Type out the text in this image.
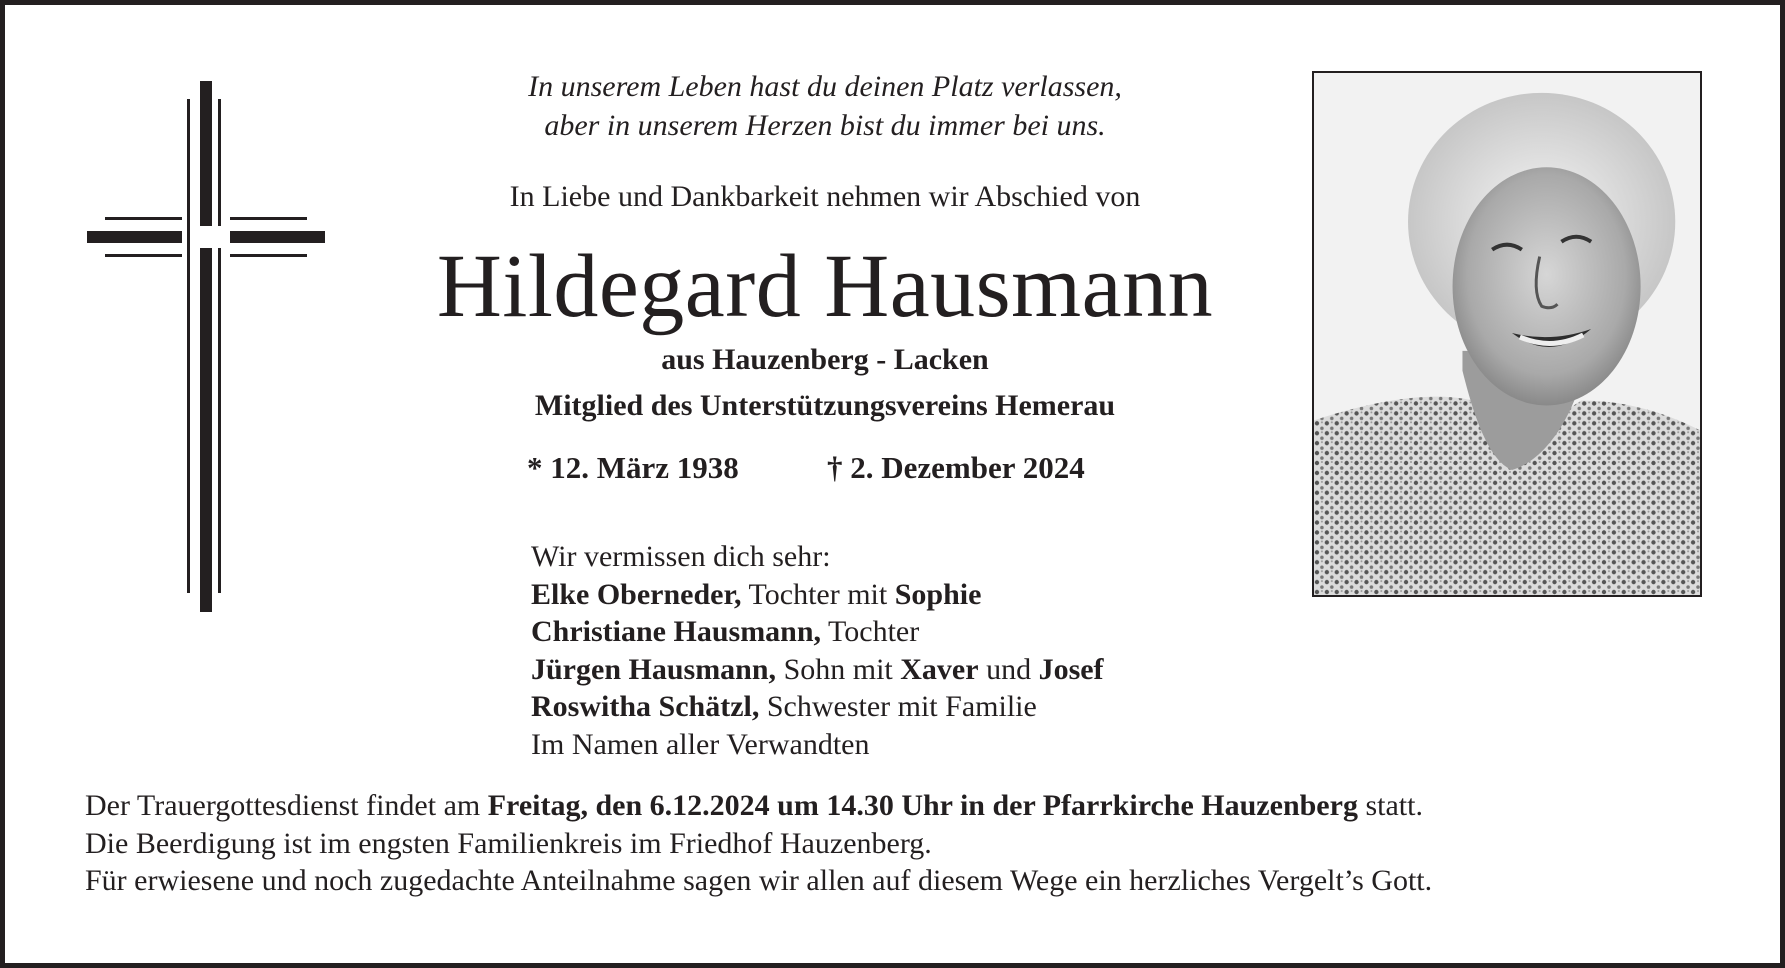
In unserem Leben hast du deinen Platz verlassen,
aber in unserem Herzen bist du immer bei uns.
In Liebe und Dankbarkeit nehmen wir Abschied von
Hildegard Hausmann
aus Hauzenberg - Lacken
Mitglied des Unterstützungsvereins Hemerau
* 12. März 1938	† 2. Dezember 2024
Wir vermissen dich sehr:
Elke Oberneder, Tochter mit Sophie
Christiane Hausmann, Tochter
Jürgen Hausmann, Sohn mit Xaver und Josef
Roswitha Schätzl, Schwester mit Familie
Im Namen aller Verwandten
Der Trauergottesdienst findet am Freitag, den 6.12.2024 um 14.30 Uhr in der Pfarrkirche Hauzenberg statt.
Die Beerdigung ist im engsten Familienkreis im Friedhof Hauzenberg.
Für erwiesene und noch zugedachte Anteilnahme sagen wir allen auf diesem Wege ein herzliches Vergelt’s Gott.
